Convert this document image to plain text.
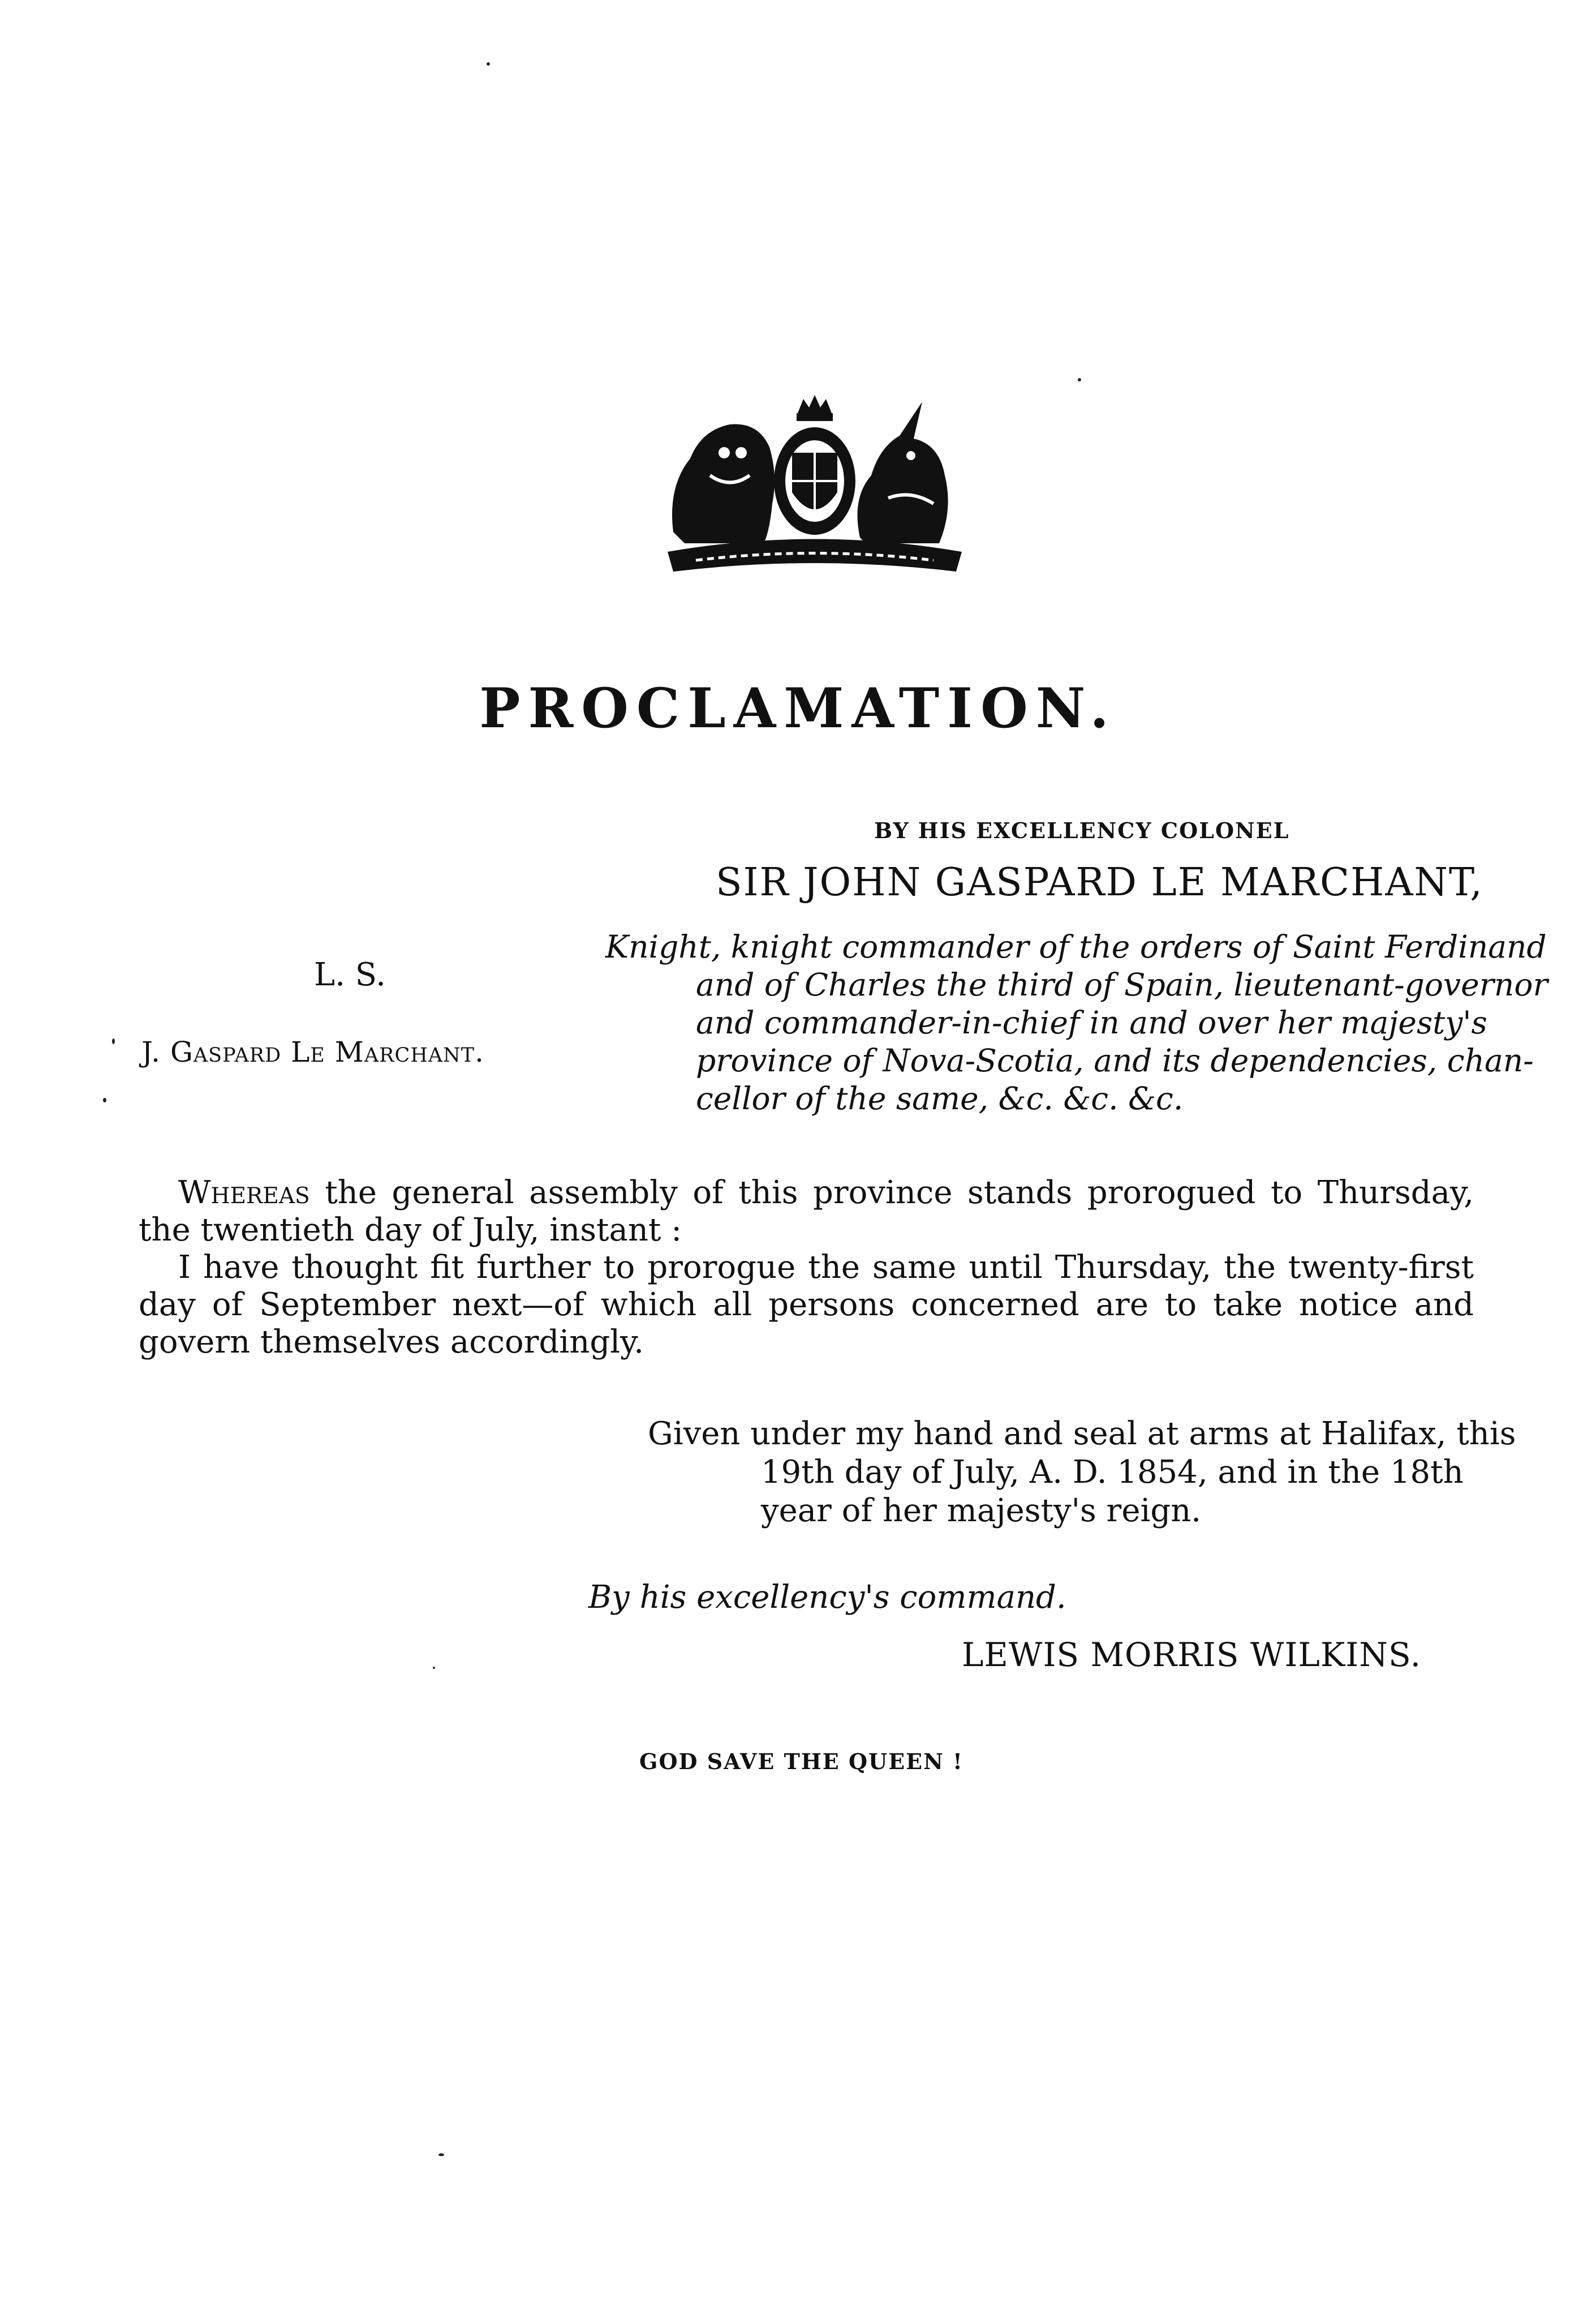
PROCLAMATION.
BY HIS EXCELLENCY COLONEL
SIR JOHN GASPARD LE MARCHANT,
L. S.
J. Gaspard Le Marchant.
Knight, knight commander of the orders of Saint Ferdinand
and of Charles the third of Spain, lieutenant-governor
and commander-in-chief in and over her majesty's
province of Nova-Scotia, and its dependencies, chan-
cellor of the same, &c. &c. &c.

Whereas the general assembly of this province stands prorogued to Thursday, the twentieth day of July, instant :

I have thought fit further to prorogue the same until Thursday, the twenty-first day of September next—of which all persons concerned are to take notice and govern themselves accordingly.

Given under my hand and seal at arms at Halifax, this
19th day of July, A. D. 1854, and in the 18th
year of her majesty's reign.
By his excellency's command.
LEWIS MORRIS WILKINS.
GOD SAVE THE QUEEN !
